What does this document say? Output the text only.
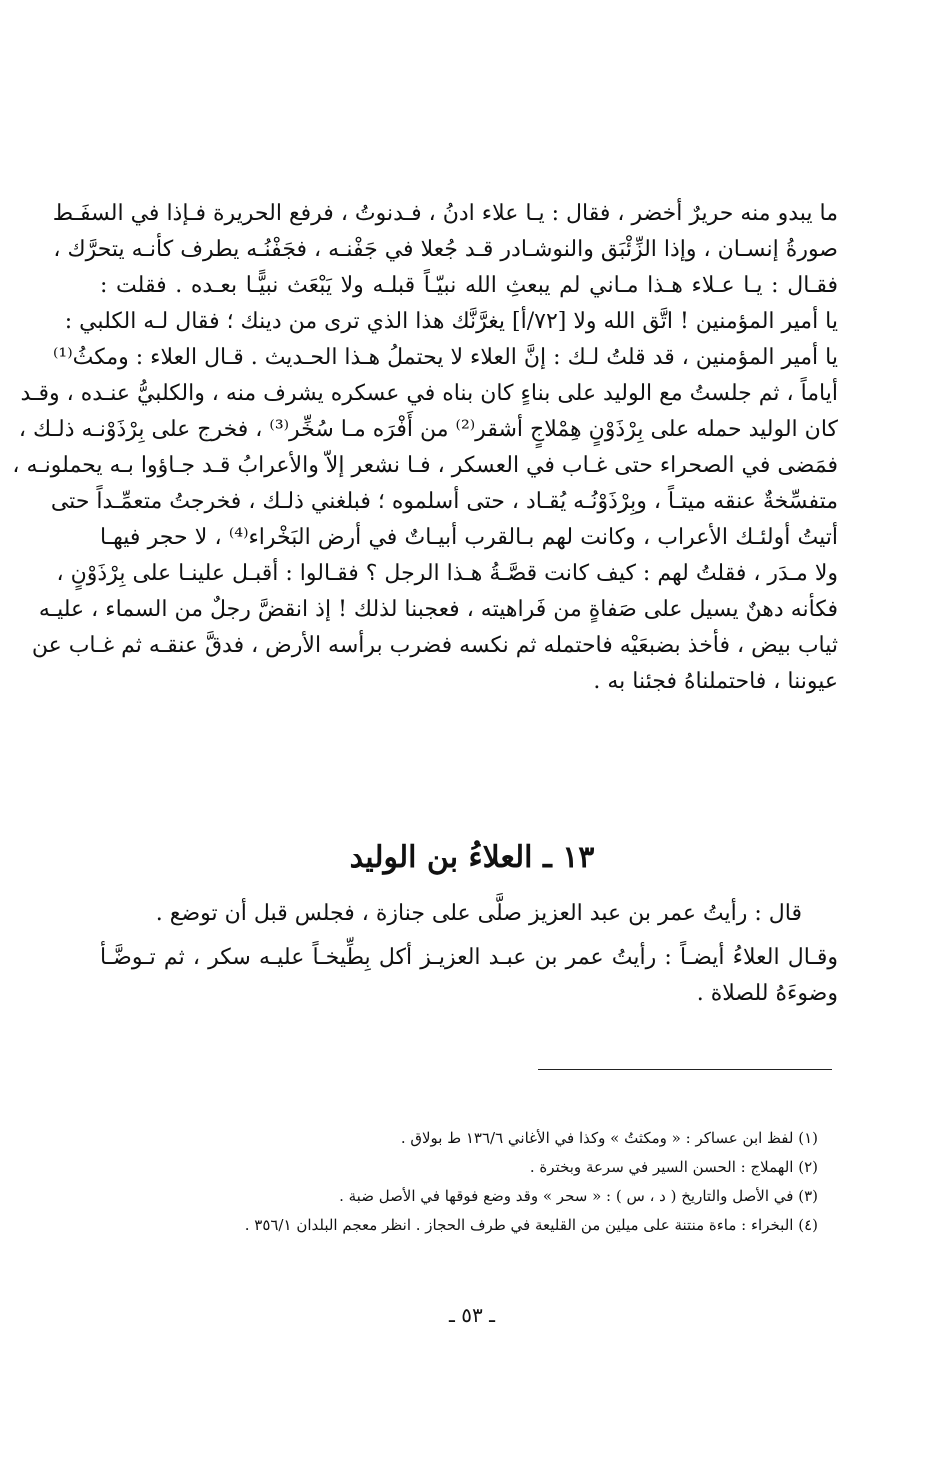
ما يبدو منه حريرٌ أخضر ، فقال : يـا علاء ادنُ ، فـدنوتُ ، فرفع الحريرة فـإذا في السفَـط
صورةُ إنسـان ، وإذا الزِّئْبَق والنوشـادر قـد جُعلا في جَفْنـه ، فجَفْنُـه يطرف كأنـه يتحرَّك ،
فقـال : يـا عـلاء هـذا مـاني لم يبعثِ الله نبيّـاً قبلـه ولا يَبْعَث نبيًّـا بعـده . فقلت :
يا أمير المؤمنين ! اتَّق الله ولا [٧٢/أ] يغرَّنَّك هذا الذي ترى من دينك ؛ فقال لـه الكلبي :
يا أمير المؤمنين ، قد قلتُ لـك : إنَّ العلاء لا يحتملُ هـذا الحـديث . قـال العلاء : ومكثُ⁽¹⁾
أياماً ، ثم جلستُ مع الوليد على بناءٍ كان بناه في عسكره يشرف منه ، والكلبيُّ عنـده ، وقـد
كان الوليد حمله على بِرْذَوْنٍ هِمْلاجٍ أشقر⁽²⁾ من أَفْرَه مـا سُخِّر⁽³⁾ ، فخرج على بِرْذَوْنـه ذلـك ،
فمَضى في الصحراء حتى غـاب في العسكر ، فـا نشعر إلاّ والأعرابُ قـد جـاؤوا بـه يحملونـه ،
متفسِّخةٌ عنقه ميتـاً ، وبِرْذَوْنُـه يُقـاد ، حتى أسلموه ؛ فبلغني ذلـك ، فخرجتُ متعمِّـداً حتى
أتيتُ أولئـك الأعراب ، وكانت لهم بـالقرب أبيـاتٌ في أرض البَخْراء⁽⁴⁾ ، لا حجر فيهـا
ولا مـدَر ، فقلتُ لهم : كيف كانت قصَّـةُ هـذا الرجل ؟ فقـالوا : أقبـل علينـا على بِرْذَوْنٍ ،
فكأنه دهنٌ يسيل على صَفاةٍ من فَراهيته ، فعجبنا لذلك ! إذ انقضَّ رجلٌ من السماء ، عليـه
ثياب بيض ، فأخذ بضبعَيْه فاحتمله ثم نكسه فضرب برأسه الأرض ، فدقَّ عنقـه ثم غـاب عن
عيوننا ، فاحتملناهُ فجئنا به .
١٣ ـ العلاءُ بن الوليد
قال : رأيتُ عمر بن عبد العزيز صلَّى على جنازة ، فجلس قبل أن توضع .
وقـال العلاءُ أيضـاً : رأيتُ عمر بن عبـد العزيـز أكل بِطِّيخـاً عليـه سكر ، ثم تـوضَّـأ
وضوءَهُ للصلاة .
(١) لفظ ابن عساكر : « ومكثتُ » وكذا في الأغاني ١٣٦/٦ ط بولاق .
(٢) الهملاج : الحسن السير في سرعة وبخترة .
(٣) في الأصل والتاريخ ( د ، س ) : « سحر » وقد وضع فوقها في الأصل ضبة .
(٤) البخراء : ماءة منتنة على ميلين من القليعة في طرف الحجاز . انظر معجم البلدان ٣٥٦/١ .
ـ ٥٣ ـ
